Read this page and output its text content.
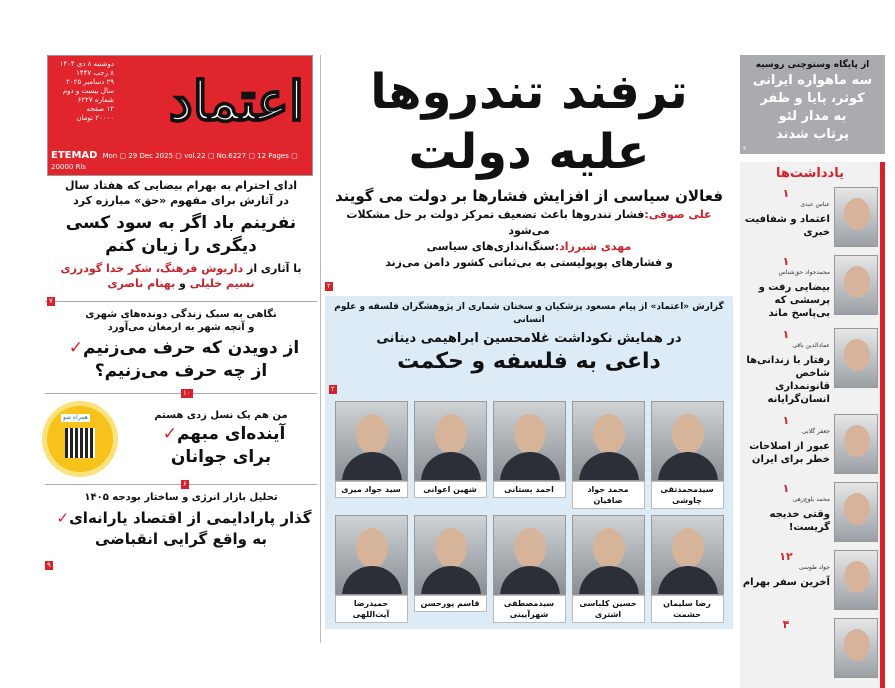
اعتماد
دوشنبه ۸ دی ۱۴۰۴
۸ رجب ۱۴۴۷
۲۹ دسامبر ۲۰۲۵
سال بیست و دوم
شماره ۶۲۲۷
۱۲ صفحه
۲۰۰۰۰ تومان
ETEMAD Mon ▢ 29 Dec 2025 ▢ vol.22 ▢ No.6227 ▢ 12 Pages ▢ 20000 Rls
ادای احترام به بهرام بیضایی که هفتاد سال
در آثارش برای مفهوم «حق» مبارزه کرد
نفرینم باد اگر به سود کسی
دیگری را زیان کنم
با آثاری از داریوش فرهنگ، شکر خدا گودرزی
نسیم خلیلی و بهنام ناصری
۷
نگاهی به سبک زندگی دونده‌های شهری
و آنچه شهر به ارمغان می‌آورد
از دویدن که حرف می‌زنیم✓
از چه حرف می‌زنیم؟
۱۰
همراه شو	من هم یک نسل زدی هستم
آینده‌ای مبهم✓
برای جوانان
۶
تحلیل بازار انرژی و ساختار بودجه ۱۴۰۵
گذار پارادایمی از اقتصاد یارانه‌ای✓
به واقع گرایی انقباضی
۹
ترفند تندروها
علیه دولت
فعالان سیاسی از افزایش فشارها بر دولت می گویند
علی صوفی:فشار تندروها باعث تضعیف تمرکز دولت بر حل مشکلات می‌شود
مهدی شیرزاد:سنگ‌اندازی‌های سیاسی
و فشارهای پوپولیستی به بی‌ثباتی کشور دامن می‌زند
۲
گزارش «اعتماد» از پیام مسعود پزشکیان و سخنان شماری از پژوهشگران فلسفه و علوم انسانی
در همایش نکوداشت غلامحسین ابراهیمی دینانی
داعی به فلسفه و حکمت
۲
سیدمحمدتقی چاوشی
محمد جواد صافیان
احمد بستانی
شهین اعوانی
سید جواد میری
رضا سلیمان حشمت
حسین کلباسی اشتری
سیدمصطفی شهرآیینی
قاسم پورحسن
حمیدرضا آیت‌اللهی
از پایگاه وستوچنی روسیه
سه ماهواره ایرانی
کوثر، پایا و ظفر
به مدار لئو
پرتاب شدند
۲
یادداشت‌ها
۱
عباس عبدی
اعتماد و شفافیت خبری
۱
محمدجواد حق‌شناس
بیضایی رفت و پرسشی که بی‌پاسخ ماند
۱
عمادالدین باقی
رفتار با زندانی‌ها شاخص قانونمداری انسان‌گرایانه
۱
جعفر گلابی
عبور از اصلاحات خطر برای ایران
۱
محمد بلوچ‌زهی
وقتی خدیجه گریست!
۱۲
جواد طوسی
آخرین سفر بهرام
۴
